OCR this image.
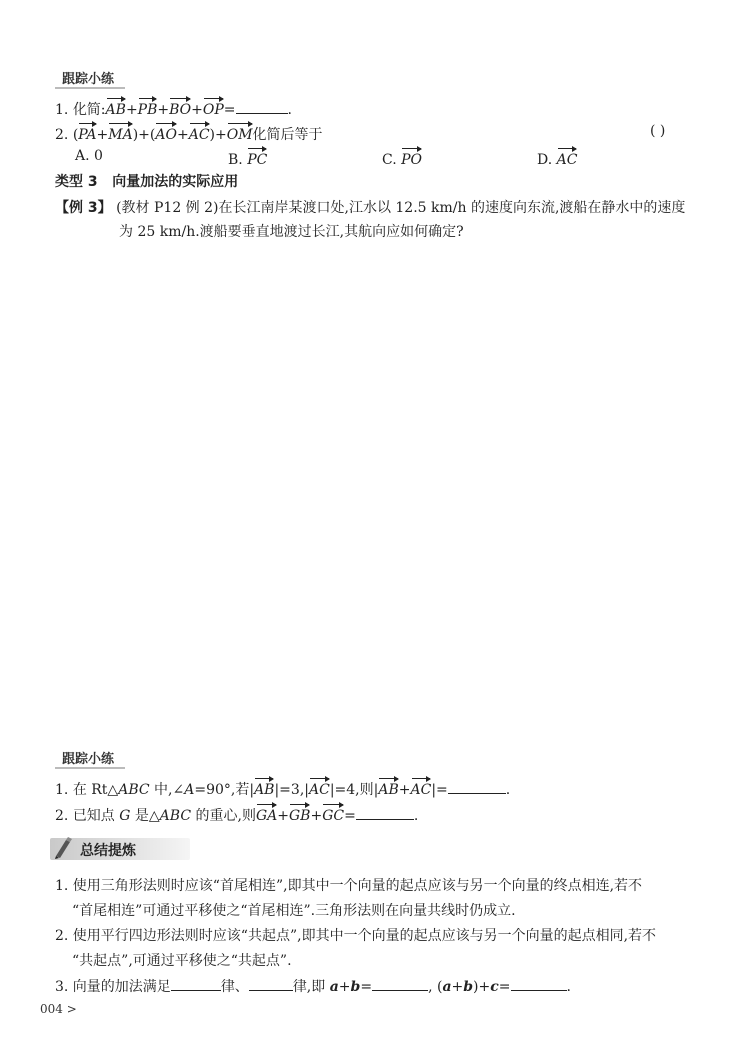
跟踪小练
1. 化简:AB+PB+BO+OP=	.
2. (PA+MA)+(AO+AC)+OM化简后等于	( )
A. 0	B. PC	C. PO	D. AC
类型 3 向量加法的实际应用
【例 3】 (教材 P12 例 2)在长江南岸某渡口处,江水以 12.5 km/h 的速度向东流,渡船在静水中的速度
为 25 km/h.渡船要垂直地渡过长江,其航向应如何确定?
跟踪小练
1. 在 Rt△ABC 中,∠A=90°,若|AB|=3,|AC|=4,则|AB+AC|=	.
2. 已知点 G 是△ABC 的重心,则GA+GB+GC=	.
总结提炼
1. 使用三角形法则时应该“首尾相连”,即其中一个向量的起点应该与另一个向量的终点相连,若不
“首尾相连”可通过平移使之“首尾相连”.三角形法则在向量共线时仍成立.
2. 使用平行四边形法则时应该“共起点”,即其中一个向量的起点应该与另一个向量的起点相同,若不
“共起点”,可通过平移使之“共起点”.
3. 向量的加法满足	律、	律,即 a+b=	, (a+b)+c=	.
004 >
